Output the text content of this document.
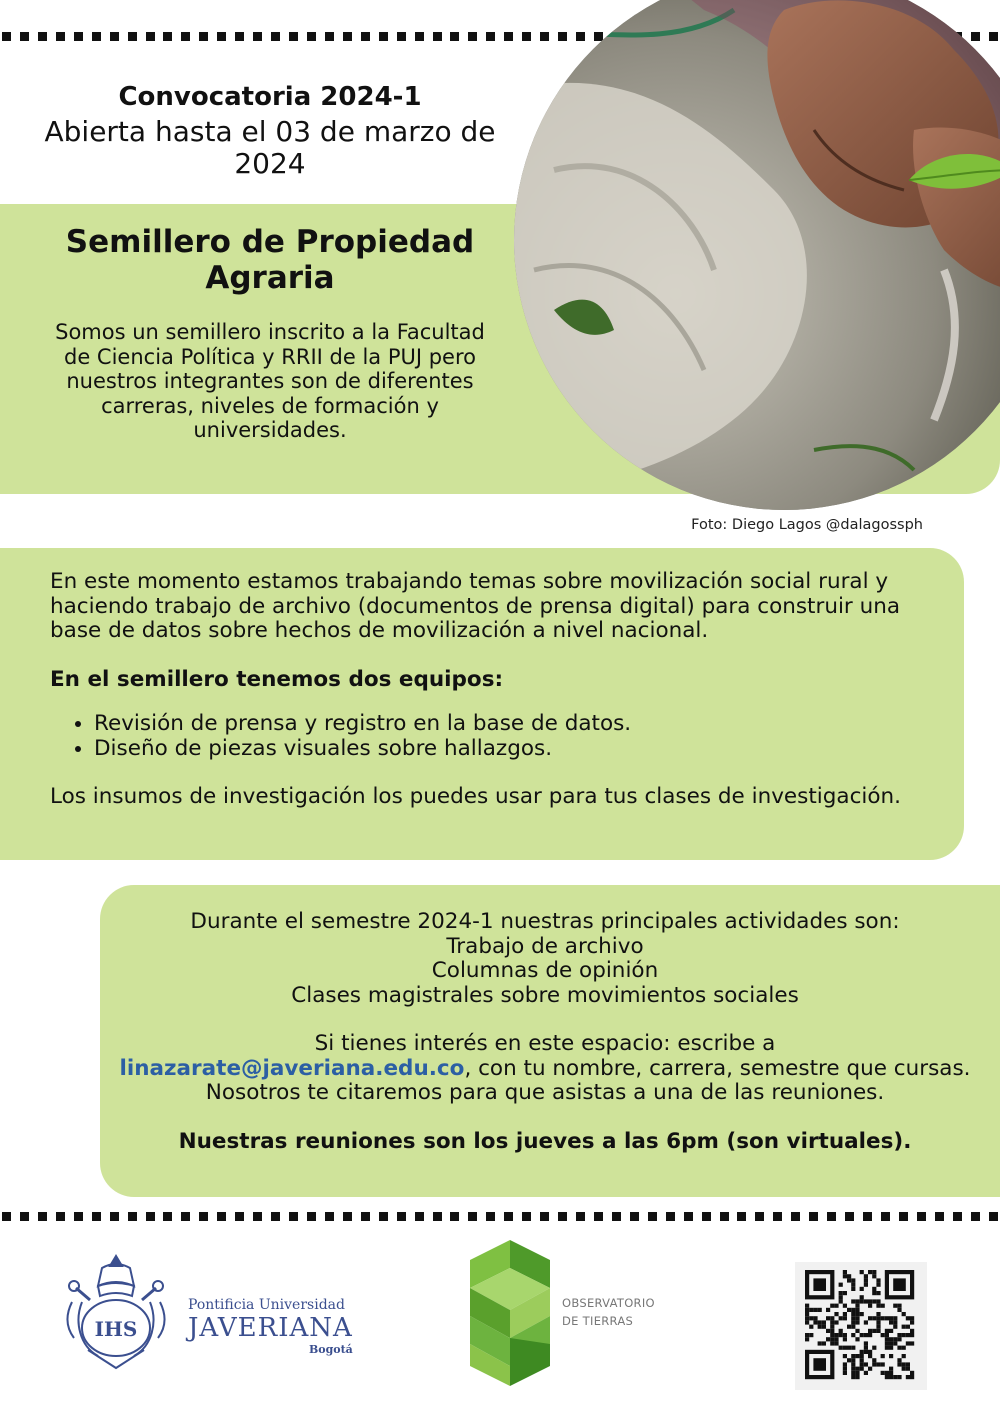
Convocatoria 2024-1
Abierta hasta el 03 de marzo de 2024
Semillero de Propiedad Agraria

Somos un semillero inscrito a la Facultad de Ciencia Política y RRII de la PUJ pero nuestros integrantes son de diferentes carreras, niveles de formación y universidades.

Foto: Diego Lagos @dalagossph

En este momento estamos trabajando temas sobre movilización social rural y haciendo trabajo de archivo (documentos de prensa digital) para construir una base de datos sobre hechos de movilización a nivel nacional.

En el semillero tenemos dos equipos:

• Revisión de prensa y registro en la base de datos.
• Diseño de piezas visuales sobre hallazgos.

Los insumos de investigación los puedes usar para tus clases de investigación.

Durante el semestre 2024-1 nuestras principales actividades son:

Trabajo de archivo

Columnas de opinión

Clases magistrales sobre movimientos sociales

Si tienes interés en este espacio: escribe a
linazarate@javeriana.edu.co, con tu nombre, carrera, semestre que cursas. Nosotros te citaremos para que asistas a una de las reuniones.

Nuestras reuniones son los jueves a las 6pm (son virtuales).

IHS
Pontificia Universidad
JAVERIANA
Bogotá
OBSERVATORIO
DE TIERRAS
